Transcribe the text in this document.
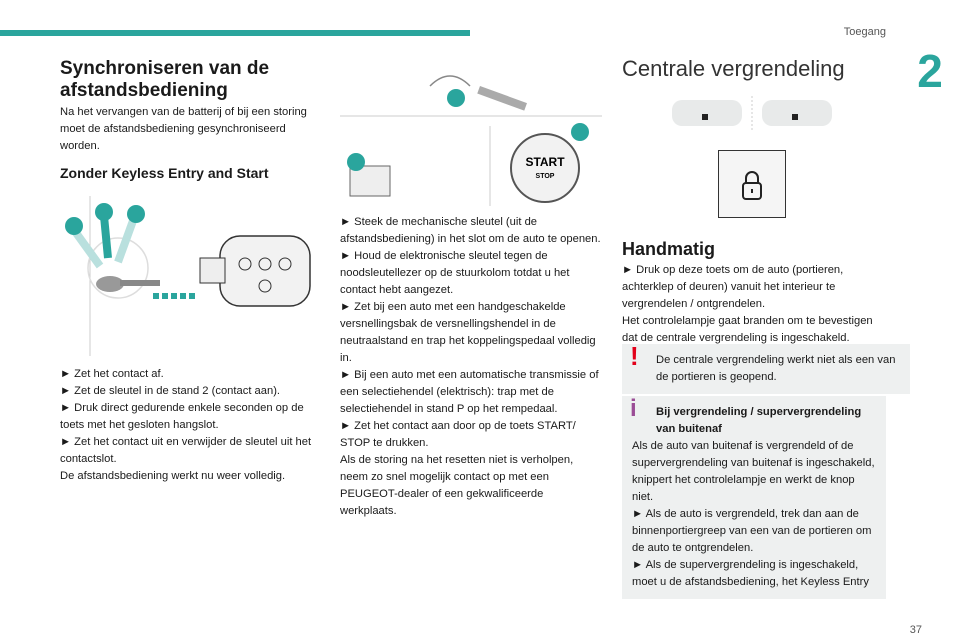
Toegang
2
37
Synchroniseren van de afstandsbediening

Na het vervangen van de batterij of bij een storing moet de afstandsbediening gesynchroniseerd worden.

Zonder Keyless Entry and Start

► Zet het contact af.

► Zet de sleutel in de stand 2 (contact aan).

► Druk direct gedurende enkele seconden op de toets met het gesloten hangslot.

► Zet het contact uit en verwijder de sleutel uit het contactslot.

De afstandsbediening werkt nu weer volledig.

START
STOP

► Steek de mechanische sleutel (uit de afstandsbediening) in het slot om de auto te openen.

► Houd de elektronische sleutel tegen de noodsleutellezer op de stuurkolom totdat u het contact hebt aangezet.

► Zet bij een auto met een handgeschakelde versnellingsbak de versnellingshendel in de neutraalstand en trap het koppelingspedaal volledig in.

► Bij een auto met een automatische transmissie of een selectiehendel (elektrisch): trap met de selectiehendel in stand P op het rempedaal.

► Zet het contact aan door op de toets START/ STOP te drukken.

Als de storing na het resetten niet is verholpen, neem zo snel mogelijk contact op met een PEUGEOT-dealer of een gekwalificeerde werkplaats.

Centrale vergrendeling
Handmatig

► Druk op deze toets om de auto (portieren, achterklep of deuren) vanuit het interieur te vergrendelen / ontgrendelen.

Het controlelampje gaat branden om te bevestigen dat de centrale vergrendeling is ingeschakeld.

! De centrale vergrendeling werkt niet als een van de portieren is geopend.
i	Bij vergrendeling / supervergrendeling van buitenaf
Als de auto van buitenaf is vergrendeld of de supervergrendeling van buitenaf is ingeschakeld, knippert het controlelampje en werkt de knop niet.
► Als de auto is vergrendeld, trek dan aan de binnenportiergreep van een van de portieren om de auto te ontgrendelen.
► Als de supervergrendeling is ingeschakeld, moet u de afstandsbediening, het Keyless Entry
